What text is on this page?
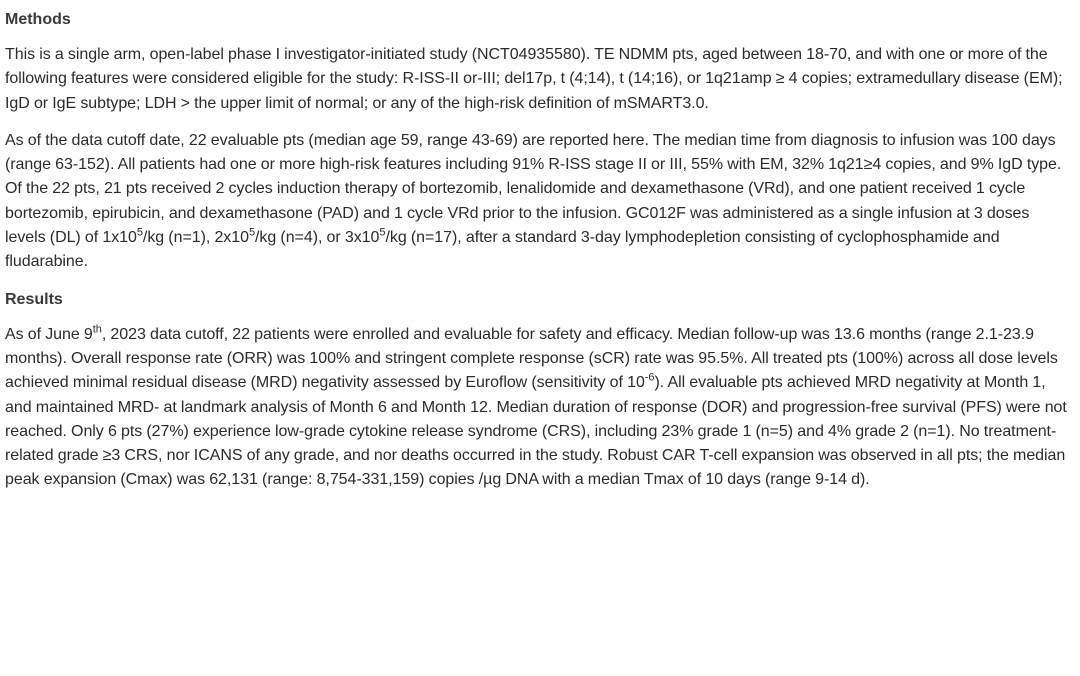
Methods

This is a single arm, open-label phase I investigator-initiated study (NCT04935580). TE NDMM pts, aged between 18-70, and with one or more of the following features were considered eligible for the study: R-ISS-II or-III; del17p, t (4;14), t (14;16), or 1q21amp ≥ 4 copies; extramedullary disease (EM); IgD or IgE subtype; LDH > the upper limit of normal; or any of the high-risk definition of mSMART3.0.

As of the data cutoff date, 22 evaluable pts (median age 59, range 43-69) are reported here. The median time from diagnosis to infusion was 100 days (range 63-152). All patients had one or more high-risk features including 91% R-ISS stage II or III, 55% with EM, 32% 1q21≥4 copies, and 9% IgD type. Of the 22 pts, 21 pts received 2 cycles induction therapy of bortezomib, lenalidomide and dexamethasone (VRd), and one patient received 1 cycle bortezomib, epirubicin, and dexamethasone (PAD) and 1 cycle VRd prior to the infusion. GC012F was administered as a single infusion at 3 doses levels (DL) of $1x10^5/kg$ (n=1), $2x10^5/kg$ (n=4), or $3x10^5/kg$ (n=17), after a standard 3-day lymphodepletion consisting of cyclophosphamide and fludarabine.

Results

As of June 9th, 2023 data cutoff, 22 patients were enrolled and evaluable for safety and efficacy. Median follow-up was 13.6 months (range 2.1-23.9 months). Overall response rate (ORR) was 100% and stringent complete response (sCR) rate was 95.5%. All treated pts (100%) across all dose levels achieved minimal residual disease (MRD) negativity assessed by Euroflow (sensitivity of $10^{-6}$). All evaluable pts achieved MRD negativity at Month 1, and maintained MRD- at landmark analysis of Month 6 and Month 12. Median duration of response (DOR) and progression-free survival (PFS) were not reached. Only 6 pts (27%) experience low-grade cytokine release syndrome (CRS), including 23% grade 1 (n=5) and 4% grade 2 (n=1). No treatment-related grade ≥3 CRS, nor ICANS of any grade, and nor deaths occurred in the study. Robust CAR T-cell expansion was observed in all pts; the median peak expansion (Cmax) was 62,131 (range: 8,754-331,159) copies /µg DNA with a median Tmax of 10 days (range 9-14 d).
